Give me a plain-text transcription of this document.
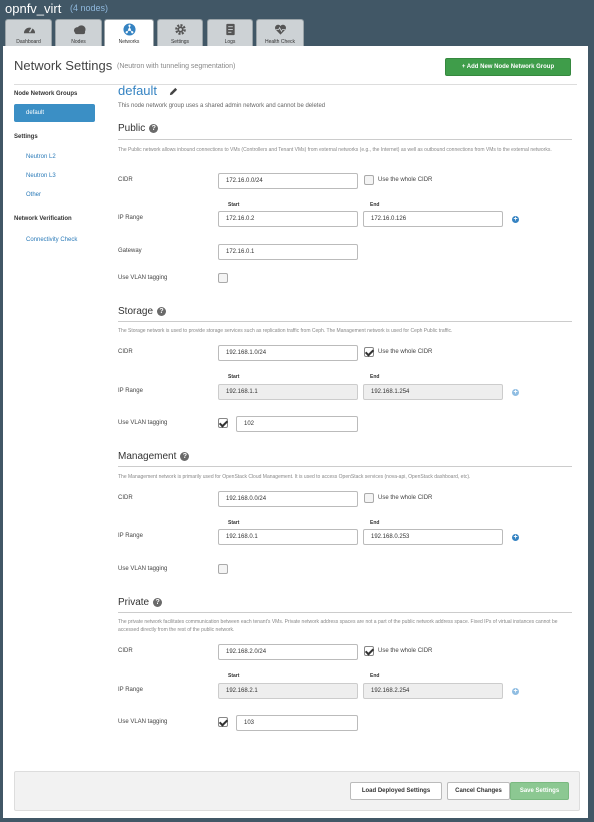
opnfv_virt (4 nodes)
Dashboard	Nodes	Networks	Settings	Logs	Health Check
Network Settings (Neutron with tunneling segmentation)	+ Add New Node Network Group
Node Network Groups
default
Settings
Neutron L2
Neutron L3
Other
Network Verification
Connectivity Check
default
This node network group uses a shared admin network and cannot be deleted
Public ?
The Public network allows inbound connections to VMs (Controllers and Tenant VMs) from external networks (e.g., the Internet) as well as outbound connections from VMs to the external networks.
CIDR	172.16.0.0/24	Use the whole CIDR
Start	End
IP Range	172.16.0.2	172.16.0.126	+
Gateway	172.16.0.1
Use VLAN tagging
Storage ?
The Storage network is used to provide storage services such as replication traffic from Ceph. The Management network is used for Ceph Public traffic.
CIDR	192.168.1.0/24	Use the whole CIDR
Start	End
IP Range	192.168.1.1	192.168.1.254	+
Use VLAN tagging	102
Management ?
The Management network is primarily used for OpenStack Cloud Management. It is used to access OpenStack services (nova-api, OpenStack dashboard, etc).
CIDR	192.168.0.0/24	Use the whole CIDR
Start	End
IP Range	192.168.0.1	192.168.0.253	+
Use VLAN tagging
Private ?
The private network facilitates communication between each tenant's VMs. Private network address spaces are not a part of the public network address space. Fixed IPs of virtual instances cannot be accessed directly from the rest of the public network.
CIDR	192.168.2.0/24	Use the whole CIDR
Start	End
IP Range	192.168.2.1	192.168.2.254	+
Use VLAN tagging	103
Load Deployed Settings	Cancel Changes	Save Settings
